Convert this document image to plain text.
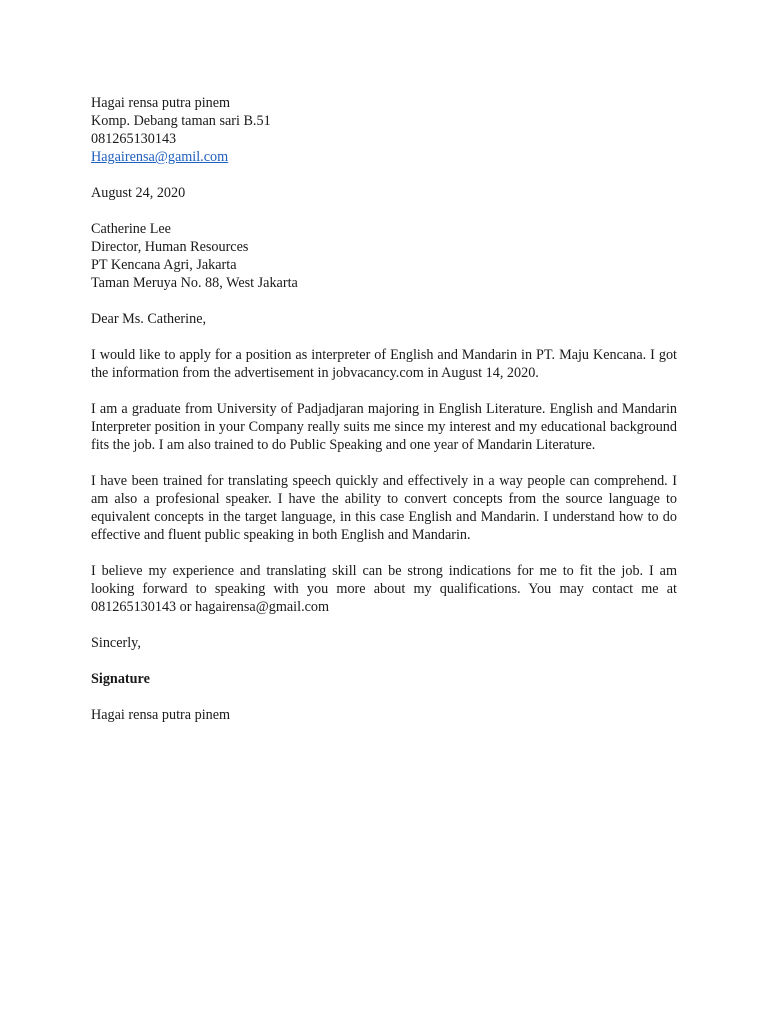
Hagai rensa putra pinem
Komp. Debang taman sari B.51
081265130143
Hagairensa@gamil.com
August 24, 2020
Catherine Lee
Director, Human Resources
PT Kencana Agri, Jakarta
Taman Meruya No. 88, West Jakarta
Dear Ms. Catherine,

I would like to apply for a position as interpreter of English and Mandarin in PT. Maju Kencana. I got the information from the advertisement in jobvacancy.com in August 14, 2020.

I am a graduate from University of Padjadjaran majoring in English Literature. English and Mandarin Interpreter position in your Company really suits me since my interest and my educational background fits the job. I am also trained to do Public Speaking and one year of Mandarin Literature.

I have been trained for translating speech quickly and effectively in a way people can comprehend. I am also a profesional speaker. I have the ability to convert concepts from the source language to equivalent concepts in the target language, in this case English and Mandarin. I understand how to do effective and fluent public speaking in both English and Mandarin.

I believe my experience and translating skill can be strong indications for me to fit the job. I am looking forward to speaking with you more about my qualifications. You may contact me at 081265130143 or hagairensa@gmail.com

Sincerly,
Signature
Hagai rensa putra pinem
